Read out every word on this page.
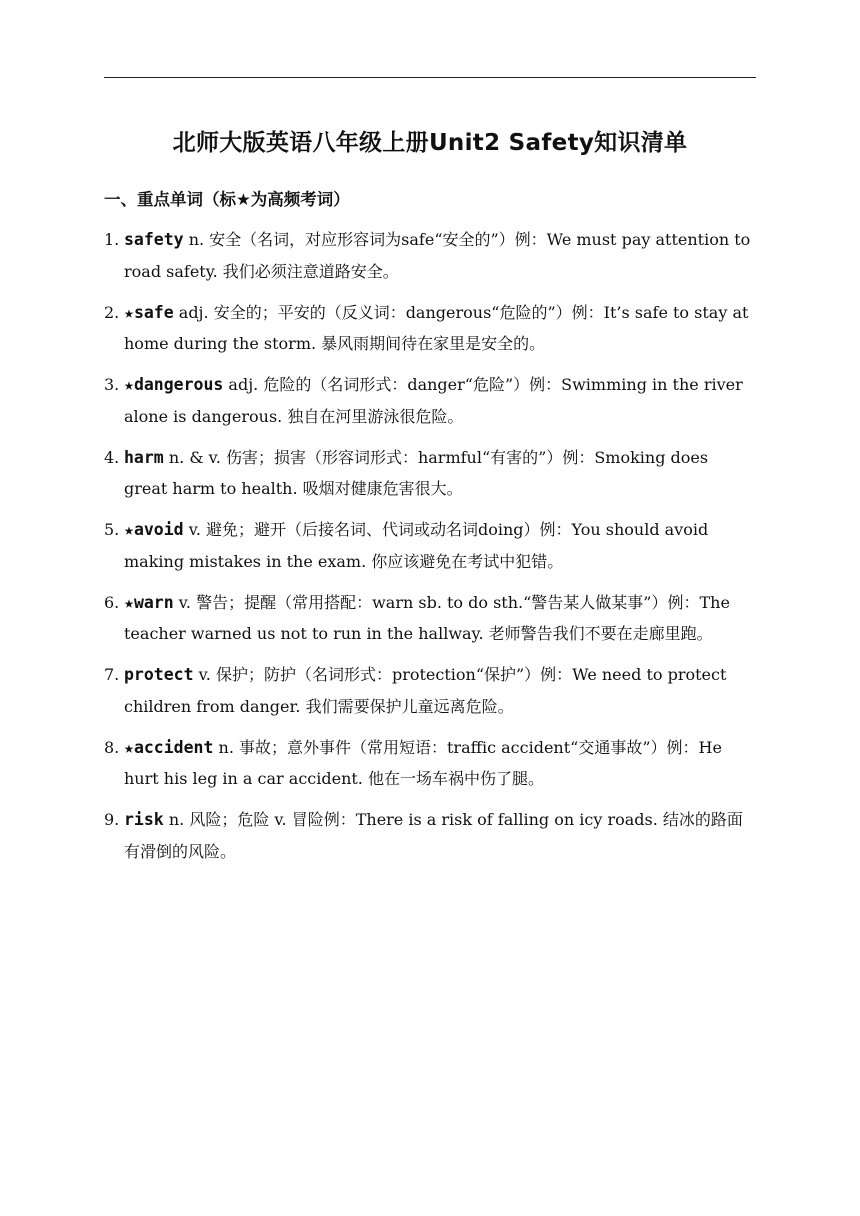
北师大版英语八年级上册Unit2 Safety知识清单
一、重点单词（标★为高频考词）
1. safety n. 安全（名词，对应形容词为safe“安全的”）例：We must pay attention to road safety. 我们必须注意道路安全。
2. ★safe adj. 安全的；平安的（反义词：dangerous“危险的”）例：It’s safe to stay at home during the storm. 暴风雨期间待在家里是安全的。
3. ★dangerous adj. 危险的（名词形式：danger“危险”）例：Swimming in the river alone is dangerous. 独自在河里游泳很危险。
4. harm n. & v. 伤害；损害（形容词形式：harmful“有害的”）例：Smoking does great harm to health. 吸烟对健康危害很大。
5. ★avoid v. 避免；避开（后接名词、代词或动名词doing）例：You should avoid making mistakes in the exam. 你应该避免在考试中犯错。
6. ★warn v. 警告；提醒（常用搭配：warn sb. to do sth.“警告某人做某事”）例：The teacher warned us not to run in the hallway. 老师警告我们不要在走廊里跑。
7. protect v. 保护；防护（名词形式：protection“保护”）例：We need to protect children from danger. 我们需要保护儿童远离危险。
8. ★accident n. 事故；意外事件（常用短语：traffic accident“交通事故”）例：He hurt his leg in a car accident. 他在一场车祸中伤了腿。
9. risk n. 风险；危险 v. 冒险例：There is a risk of falling on icy roads. 结冰的路面有滑倒的风险。
